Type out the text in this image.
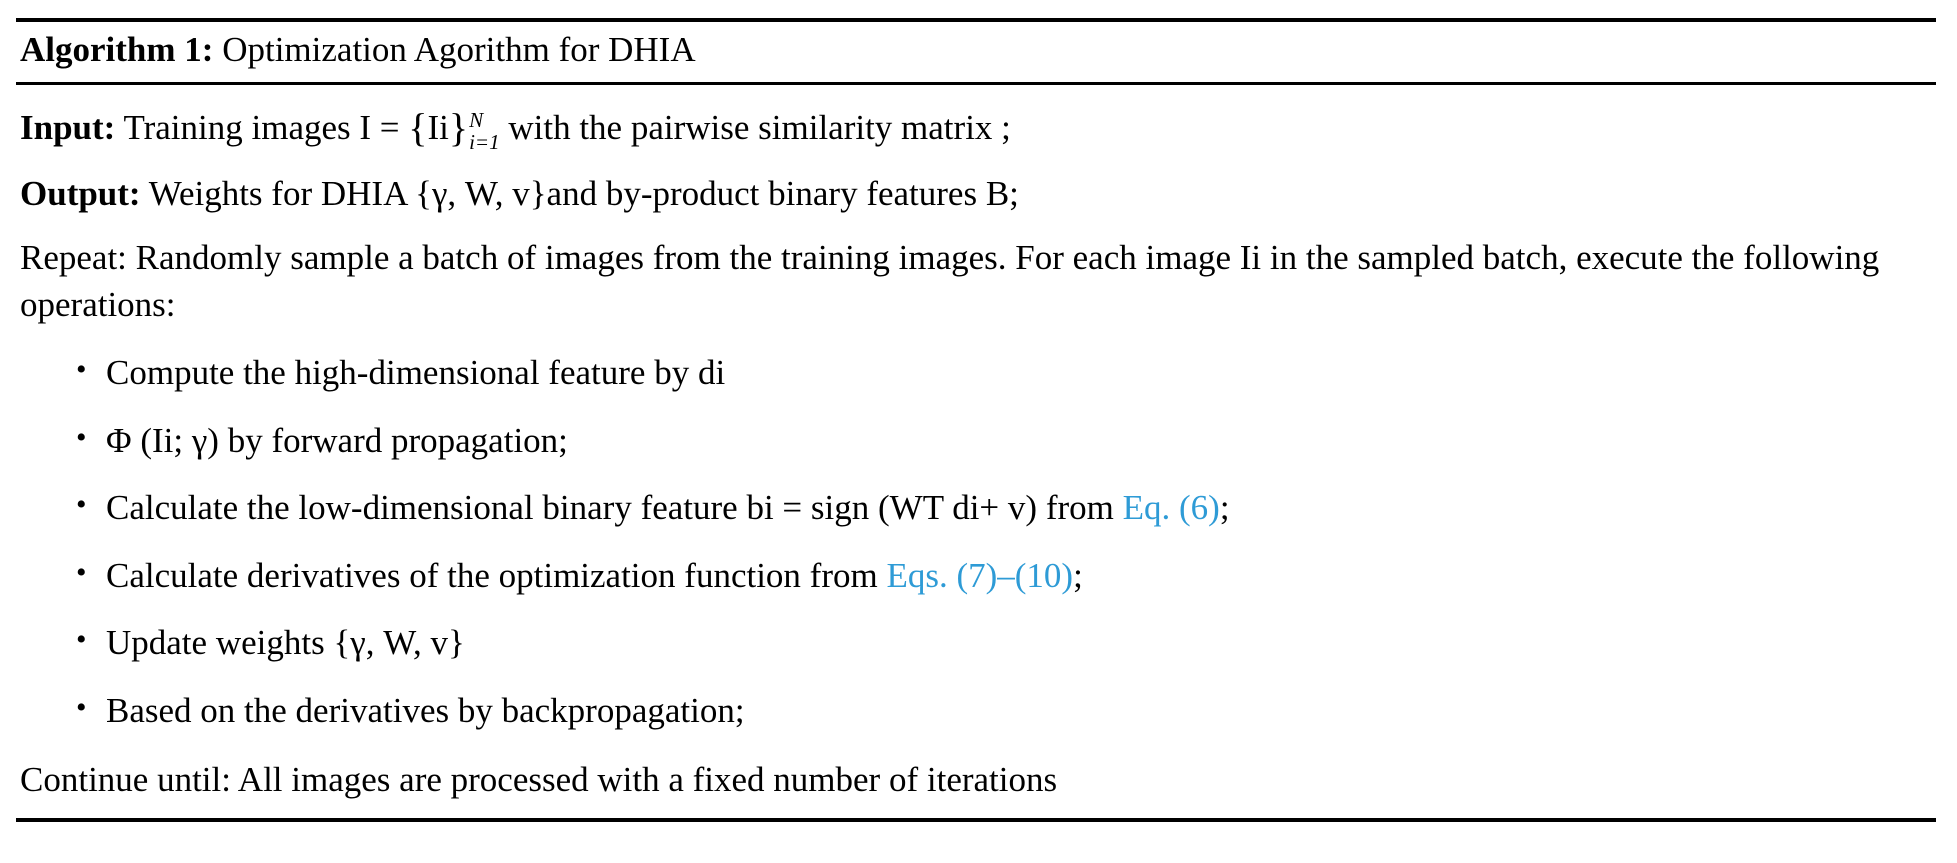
Algorithm 1: Optimization Agorithm for DHIA
Input: Training images I = {Ii} N
i=1 with the pairwise similarity matrix ;
Output: Weights for DHIA {γ, W, v}and by-product binary features B;
Repeat: Randomly sample a batch of images from the training images. For each image Ii in the sampled batch, execute the following operations:
• Compute the high-dimensional feature by di
• Φ (Ii; γ) by forward propagation;
• Calculate the low-dimensional binary feature bi = sign (WT di+ v) from Eq. (6);
• Calculate derivatives of the optimization function from Eqs. (7)–(10);
• Update weights {γ, W, v}
• Based on the derivatives by backpropagation;
Continue until: All images are processed with a fixed number of iterations
